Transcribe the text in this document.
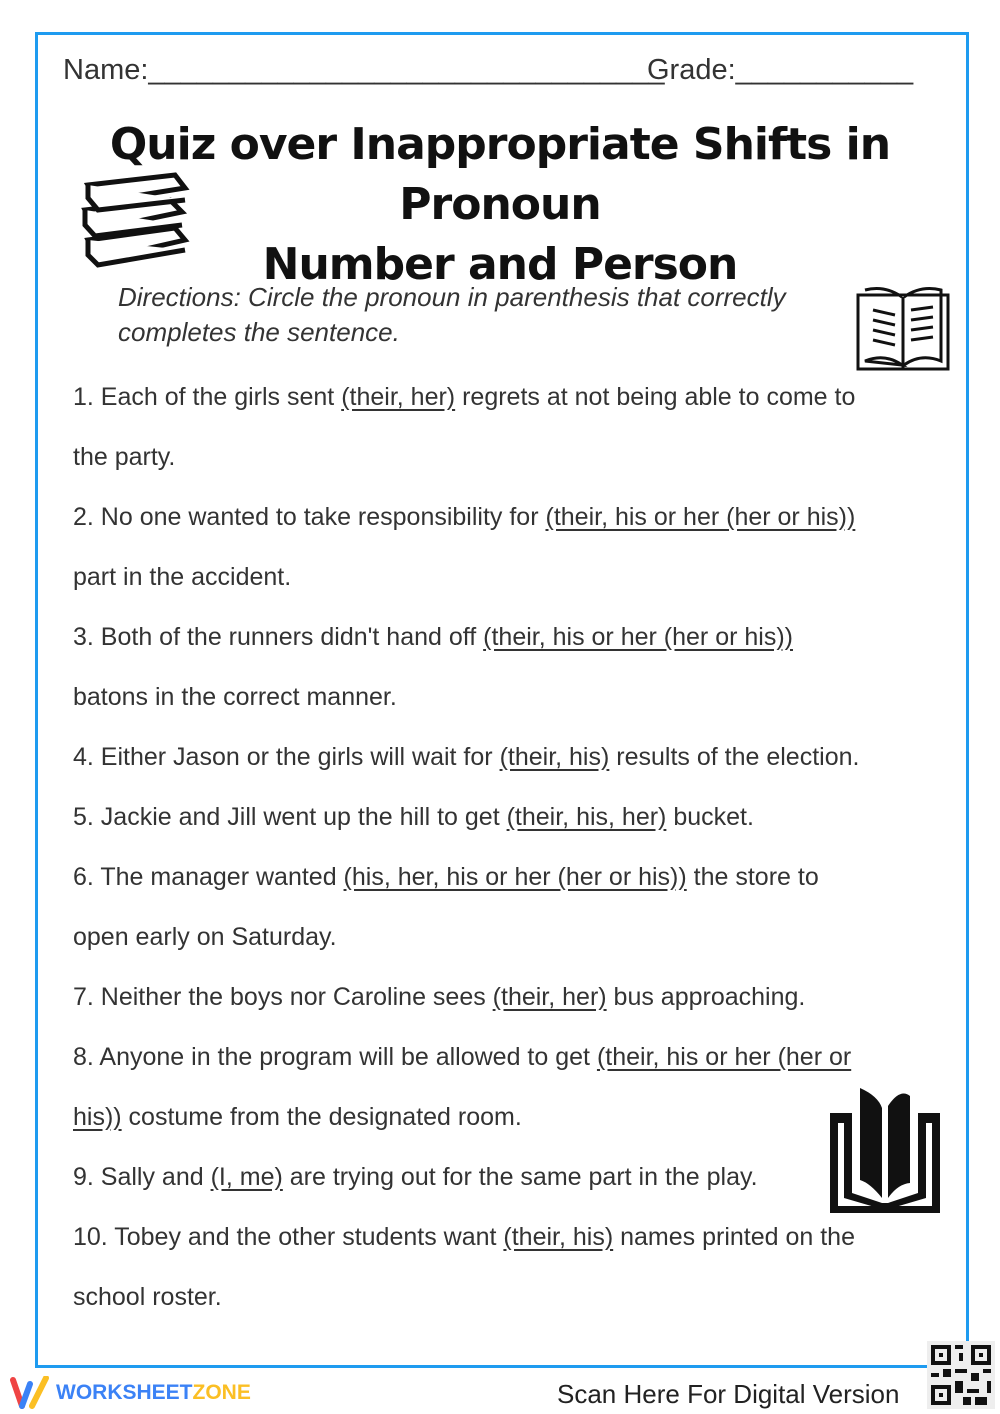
Name:________________________________
Grade:___________
Quiz over Inappropriate Shifts in Pronoun
Number and Person
Directions: Circle the pronoun in parenthesis that correctly completes the sentence.
1. Each of the girls sent (their, her) regrets at not being able to come to
the party.
2. No one wanted to take responsibility for (their, his or her (her or his))
part in the accident.
3. Both of the runners didn't hand off (their, his or her (her or his))
batons in the correct manner.
4. Either Jason or the girls will wait for (their, his) results of the election.
5. Jackie and Jill went up the hill to get (their, his, her) bucket.
6. The manager wanted (his, her, his or her (her or his)) the store to
open early on Saturday.
7. Neither the boys nor Caroline sees (their, her) bus approaching.
8. Anyone in the program will be allowed to get (their, his or her (her or
his)) costume from the designated room.
9. Sally and (I, me) are trying out for the same part in the play.
10. Tobey and the other students want (their, his) names printed on the
school roster.
WORKSHEET ZONE	Scan Here For Digital Version
